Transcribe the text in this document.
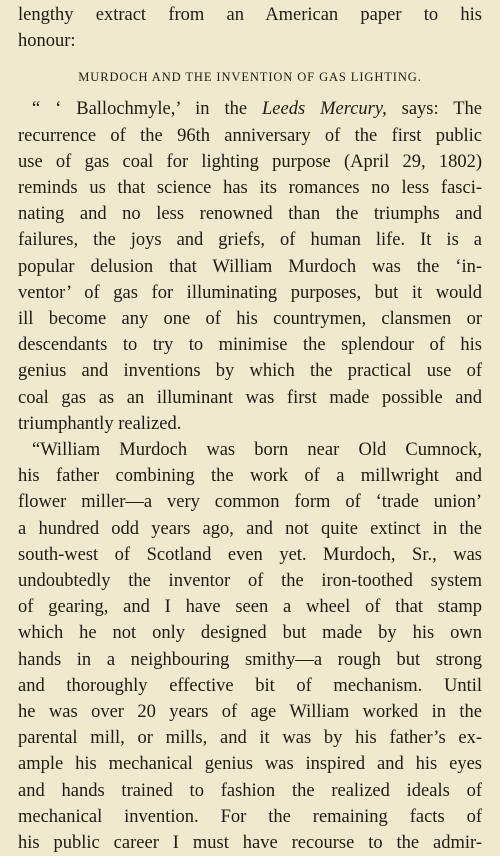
lengthy extract from an American paper to his
honour:
MURDOCH AND THE INVENTION OF GAS LIGHTING.
“ ‘ Ballochmyle,’ in the Leeds Mercury, says: The
recurrence of the 96th anniversary of the first public
use of gas coal for lighting purpose (April 29, 1802)
reminds us that science has its romances no less fasci-
nating and no less renowned than the triumphs and
failures, the joys and griefs, of human life. It is a
popular delusion that William Murdoch was the ‘in-
ventor’ of gas for illuminating purposes, but it would
ill become any one of his countrymen, clansmen or
descendants to try to minimise the splendour of his
genius and inventions by which the practical use of
coal gas as an illuminant was first made possible and
triumphantly realized.
“William Murdoch was born near Old Cumnock,
his father combining the work of a millwright and
flower miller—a very common form of ‘trade union’
a hundred odd years ago, and not quite extinct in the
south-west of Scotland even yet. Murdoch, Sr., was
undoubtedly the inventor of the iron-toothed system
of gearing, and I have seen a wheel of that stamp
which he not only designed but made by his own
hands in a neighbouring smithy—a rough but strong
and thoroughly effective bit of mechanism. Until
he was over 20 years of age William worked in the
parental mill, or mills, and it was by his father’s ex-
ample his mechanical genius was inspired and his eyes
and hands trained to fashion the realized ideals of
mechanical invention. For the remaining facts of
his public career I must have recourse to the admir-
